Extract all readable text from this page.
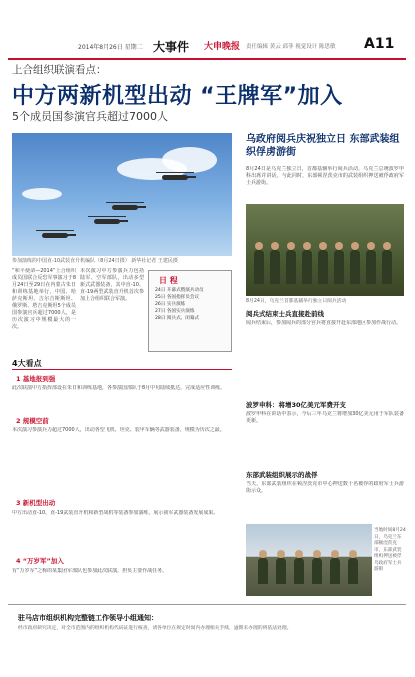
2014年8月26日 星期二 大事件 大申晚报 责任编辑 黄云 邱菲 视觉设计 陈思敏 A11
上合组织联演看点：
中方两新机型出动 “王牌军”加入
5个成员国参演官兵超过7000人
参加演练的中国直-10武装直升机编队（8月24日摄） 新华社记者 王建民摄
“和平使命—2014”上合组织成员国联合反恐军事演习于8月24日至29日在内蒙古朱日和训练基地举行，中国、哈萨克斯坦、吉尔吉斯斯坦、俄罗斯、塔吉克斯坦5个成员国参演官兵超过7000人，是历次演习中规模最大的一次。
本次演习中方参演兵力包括陆军、空军部队，出动多型新式武器装备，其中直-10、直-19两型武装直升机首次参加上合组织联合军演。
日 程
24日 开幕式暨演兵动员
25日 各国指挥员会议
26日 实兵演练
27日 各国实兵演练
28日 阅兵式、闭幕式
4大看点
1 基地报到强
此次联演中方指挥部设在朱日和训练基地，各参演国部队于8月中旬陆续抵达，完成适应性训练。
2 规模空前
本次演习参演兵力超过7000人，出动各型飞机、坦克、装甲车辆等武器装备，规模为历次之最。
3 新机型出动
中方出动直-10、直-19武装直升机和新型战机等装备参加演练，展示我军武器装备发展成果。
4 “万岁军”加入
有“万岁军”之称的某集团军部队也参加此次联演，担负主要作战任务。
乌政府阅兵庆祝独立日 东部武装组织俘虏游街
8月24日是乌克兰独立日，首都基辅举行阅兵活动，乌克兰总统波罗申科出席并讲话。与此同时，东部顿涅茨克市的武装组织押送被俘政府军士兵游街。
8月24日，乌克兰首都基辅举行独立日阅兵活动
阅兵式结束士兵直接赴前线
阅兵结束后，参加阅兵的部分官兵将直接开赴东部地区参加作战行动。
波罗申科：将增30亿美元军费开支
波罗申科在讲话中表示，今后三年乌克兰将增加30亿美元用于军队装备更新。
东部武装组织展示的战俘
当天，东部武装组织在顿涅茨克市中心押送数十名被俘的政府军士兵游街示众。
当地时间8月24日，乌克兰东部顿涅茨克市，东部武装组织押送被俘乌政府军士兵游街
驻马店市组织机构完整链工作领导小组通知：
经市政府研究决定，对全市范围内的组织机构代码证进行核查，请各单位在规定时间内办理相关手续，逾期未办理的将依法处理。
